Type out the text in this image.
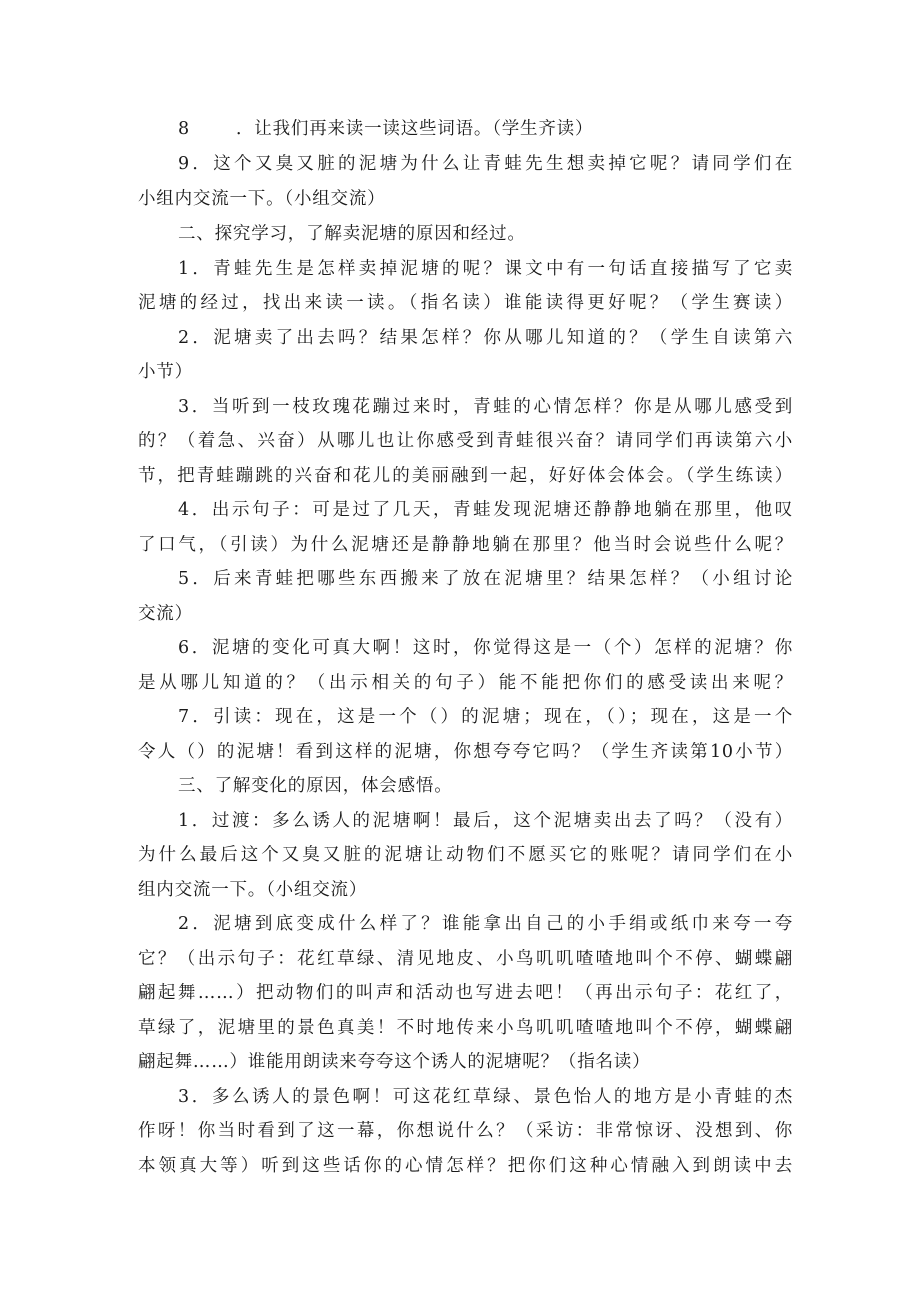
8	．让我们再来读一读这些词语。（学生齐读）
9．这个又臭又脏的泥塘为什么让青蛙先生想卖掉它呢？请同学们在
小组内交流一下。（小组交流）
二、探究学习，了解卖泥塘的原因和经过。
1．青蛙先生是怎样卖掉泥塘的呢？课文中有一句话直接描写了它卖
泥塘的经过，找出来读一读。（指名读）谁能读得更好呢？（学生赛读）
2．泥塘卖了出去吗？结果怎样？你从哪儿知道的？（学生自读第六
小节）
3．当听到一枝玫瑰花蹦过来时，青蛙的心情怎样？你是从哪儿感受到
的？（着急、兴奋）从哪儿也让你感受到青蛙很兴奋？请同学们再读第六小
节，把青蛙蹦跳的兴奋和花儿的美丽融到一起，好好体会体会。（学生练读）
4．出示句子：可是过了几天，青蛙发现泥塘还静静地躺在那里，他叹
了口气，（引读）为什么泥塘还是静静地躺在那里？他当时会说些什么呢？
5．后来青蛙把哪些东西搬来了放在泥塘里？结果怎样？（小组讨论
交流）
6．泥塘的变化可真大啊！这时，你觉得这是一（个）怎样的泥塘？你
是从哪儿知道的？（出示相关的句子）能不能把你们的感受读出来呢？
7．引读：现在，这是一个（）的泥塘；现在，（）；现在，这是一个
令人（）的泥塘！看到这样的泥塘，你想夸夸它吗？（学生齐读第10小节）
三、了解变化的原因，体会感悟。
1．过渡：多么诱人的泥塘啊！最后，这个泥塘卖出去了吗？（没有）
为什么最后这个又臭又脏的泥塘让动物们不愿买它的账呢？请同学们在小
组内交流一下。（小组交流）
2．泥塘到底变成什么样了？谁能拿出自己的小手绢或纸巾来夸一夸
它？（出示句子：花红草绿、清见地皮、小鸟叽叽喳喳地叫个不停、蝴蝶翩
翩起舞……）把动物们的叫声和活动也写进去吧！（再出示句子：花红了，
草绿了，泥塘里的景色真美！不时地传来小鸟叽叽喳喳地叫个不停，蝴蝶翩
翩起舞……）谁能用朗读来夸夸这个诱人的泥塘呢？（指名读）
3．多么诱人的景色啊！可这花红草绿、景色怡人的地方是小青蛙的杰
作呀！你当时看到了这一幕，你想说什么？（采访：非常惊讶、没想到、你
本领真大等）听到这些话你的心情怎样？把你们这种心情融入到朗读中去
